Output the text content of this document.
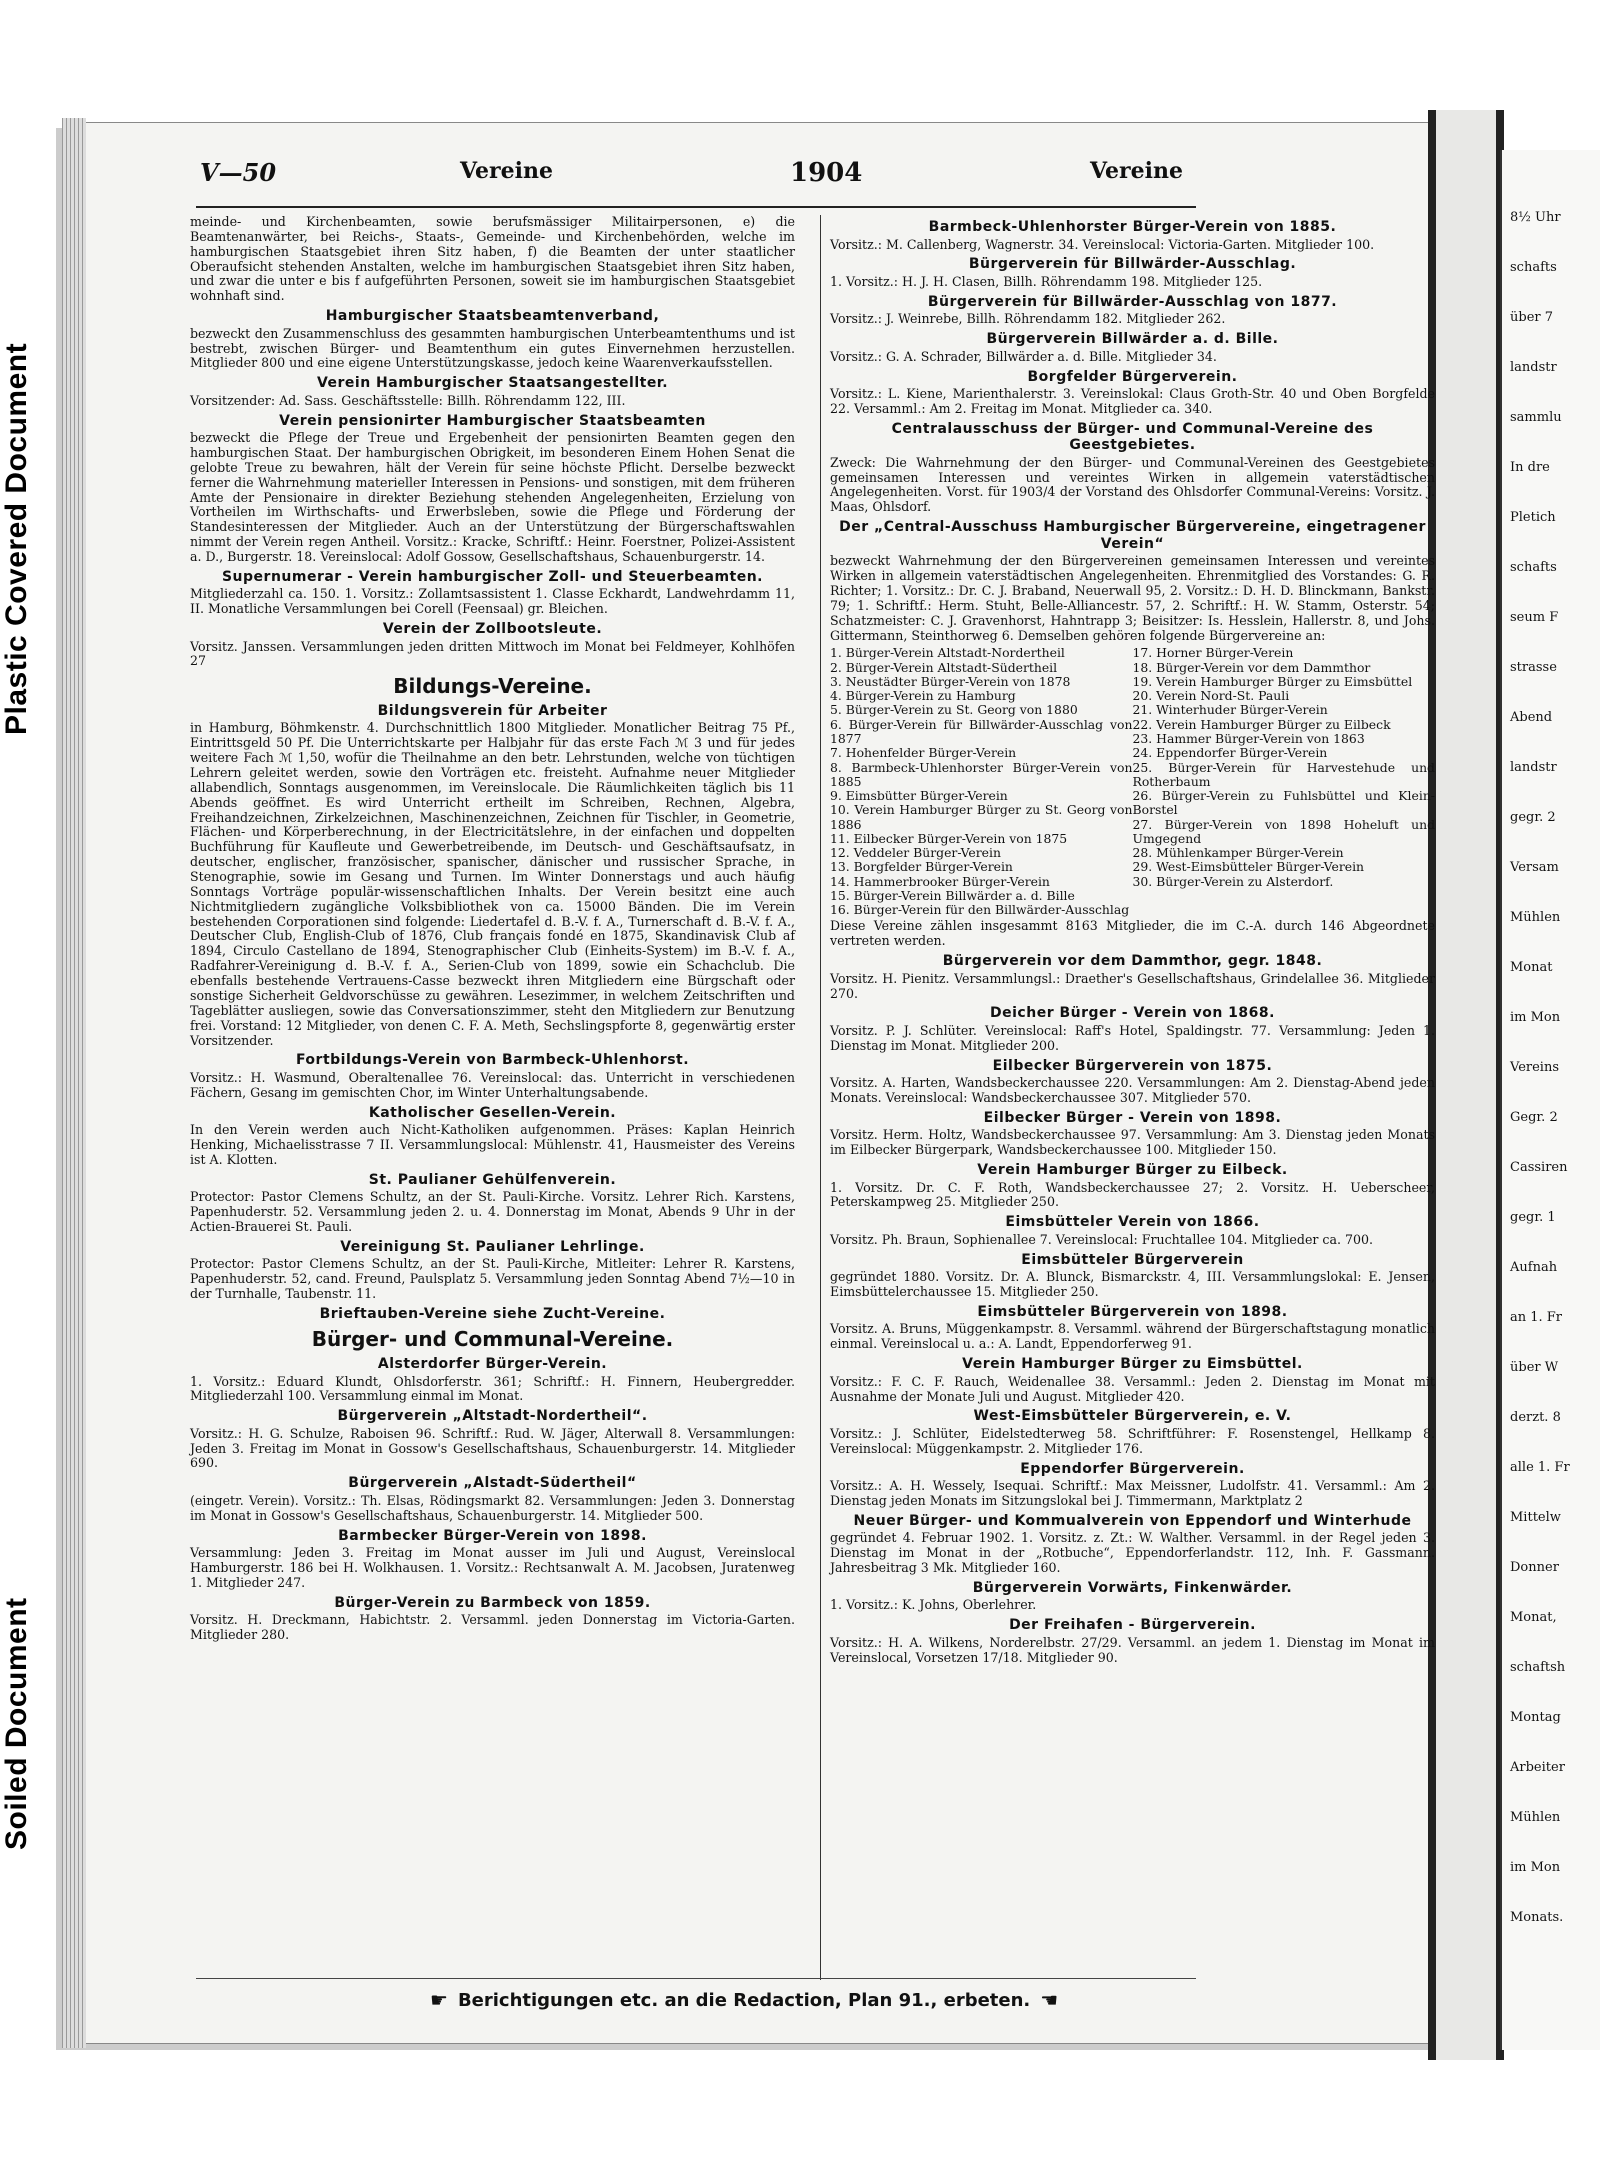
Plastic Covered Document
Soiled Document
8½ Uhr
schafts
über 7
landstr
sammlu
In dre
Pletich
schafts
seum F
strasse
Abend
landstr
gegr. 2
Versam
Mühlen
Monat
im Mon
Vereins
Gegr. 2
Cassiren
gegr. 1
Aufnah
an 1. Fr
über W
derzt. 8
alle 1. Fr
Mittelw
Donner
Monat,
schaftsh
Montag
Arbeiter
Mühlen
im Mon
Monats.
V—50	Vereine	1904	Vereine

meinde- und Kirchenbeamten, sowie berufsmässiger Militairpersonen, e) die Beamtenanwärter, bei Reichs-, Staats-, Gemeinde- und Kirchenbehörden, welche im hamburgischen Staatsgebiet ihren Sitz haben, f) die Beamten der unter staatlicher Oberaufsicht stehenden Anstalten, welche im hamburgischen Staatsgebiet ihren Sitz haben, und zwar die unter e bis f aufgeführten Personen, soweit sie im hamburgischen Staatsgebiet wohnhaft sind.

Hamburgischer Staatsbeamtenverband,

bezweckt den Zusammenschluss des gesammten hamburgischen Unterbeamtenthums und ist bestrebt, zwischen Bürger- und Beamtenthum ein gutes Einvernehmen herzustellen. Mitglieder 800 und eine eigene Unterstützungskasse, jedoch keine Waarenverkaufsstellen.

Verein Hamburgischer Staatsangestellter.

Vorsitzender: Ad. Sass. Geschäftsstelle: Billh. Röhrendamm 122, III.

Verein pensionirter Hamburgischer Staatsbeamten

bezweckt die Pflege der Treue und Ergebenheit der pensionirten Beamten gegen den hamburgischen Staat. Der hamburgischen Obrigkeit, im besonderen Einem Hohen Senat die gelobte Treue zu bewahren, hält der Verein für seine höchste Pflicht. Derselbe bezweckt ferner die Wahrnehmung materieller Interessen in Pensions- und sonstigen, mit dem früheren Amte der Pensionaire in direkter Beziehung stehenden Angelegenheiten, Erzielung von Vortheilen im Wirthschafts- und Erwerbsleben, sowie die Pflege und Förderung der Standesinteressen der Mitglieder. Auch an der Unterstützung der Bürgerschaftswahlen nimmt der Verein regen Antheil. Vorsitz.: Kracke, Schriftf.: Heinr. Foerstner, Polizei-Assistent a. D., Burgerstr. 18. Vereinslocal: Adolf Gossow, Gesellschaftshaus, Schauenburgerstr. 14.

Supernumerar - Verein hamburgischer Zoll- und Steuerbeamten.

Mitgliederzahl ca. 150. 1. Vorsitz.: Zollamtsassistent 1. Classe Eckhardt, Landwehrdamm 11, II. Monatliche Versammlungen bei Corell (Feensaal) gr. Bleichen.

Verein der Zollbootsleute.

Vorsitz. Janssen. Versammlungen jeden dritten Mittwoch im Monat bei Feldmeyer, Kohlhöfen 27

Bildungs-Vereine.
Bildungsverein für Arbeiter

in Hamburg, Böhmkenstr. 4. Durchschnittlich 1800 Mitglieder. Monatlicher Beitrag 75 Pf., Eintrittsgeld 50 Pf. Die Unterrichtskarte per Halbjahr für das erste Fach ℳ 3 und für jedes weitere Fach ℳ 1,50, wofür die Theilnahme an den betr. Lehrstunden, welche von tüchtigen Lehrern geleitet werden, sowie den Vorträgen etc. freisteht. Aufnahme neuer Mitglieder allabendlich, Sonntags ausgenommen, im Vereinslocale. Die Räumlichkeiten täglich bis 11 Abends geöffnet. Es wird Unterricht ertheilt im Schreiben, Rechnen, Algebra, Freihandzeichnen, Zirkelzeichnen, Maschinenzeichnen, Zeichnen für Tischler, in Geometrie, Flächen- und Körperberechnung, in der Electricitätslehre, in der einfachen und doppelten Buchführung für Kaufleute und Gewerbetreibende, im Deutsch- und Geschäftsaufsatz, in deutscher, englischer, französischer, spanischer, dänischer und russischer Sprache, in Stenographie, sowie im Gesang und Turnen. Im Winter Donnerstags und auch häufig Sonntags Vorträge populär-wissenschaftlichen Inhalts. Der Verein besitzt eine auch Nichtmitgliedern zugängliche Volksbibliothek von ca. 15000 Bänden. Die im Verein bestehenden Corporationen sind folgende: Liedertafel d. B.-V. f. A., Turnerschaft d. B.-V. f. A., Deutscher Club, English-Club of 1876, Club français fondé en 1875, Skandinavisk Club af 1894, Circulo Castellano de 1894, Stenographischer Club (Einheits-System) im B.-V. f. A., Radfahrer-Vereinigung d. B.-V. f. A., Serien-Club von 1899, sowie ein Schachclub. Die ebenfalls bestehende Vertrauens-Casse bezweckt ihren Mitgliedern eine Bürgschaft oder sonstige Sicherheit Geldvorschüsse zu gewähren. Lesezimmer, in welchem Zeitschriften und Tageblätter ausliegen, sowie das Conversationszimmer, steht den Mitgliedern zur Benutzung frei. Vorstand: 12 Mitglieder, von denen C. F. A. Meth, Sechslingspforte 8, gegenwärtig erster Vorsitzender.

Fortbildungs-Verein von Barmbeck-Uhlenhorst.

Vorsitz.: H. Wasmund, Oberaltenallee 76. Vereinslocal: das. Unterricht in verschiedenen Fächern, Gesang im gemischten Chor, im Winter Unterhaltungsabende.

Katholischer Gesellen-Verein.

In den Verein werden auch Nicht-Katholiken aufgenommen. Präses: Kaplan Heinrich Henking, Michaelisstrasse 7 II. Versammlungslocal: Mühlenstr. 41, Hausmeister des Vereins ist A. Klotten.

St. Paulianer Gehülfenverein.

Protector: Pastor Clemens Schultz, an der St. Pauli-Kirche. Vorsitz. Lehrer Rich. Karstens, Papenhuderstr. 52. Versammlung jeden 2. u. 4. Donnerstag im Monat, Abends 9 Uhr in der Actien-Brauerei St. Pauli.

Vereinigung St. Paulianer Lehrlinge.

Protector: Pastor Clemens Schultz, an der St. Pauli-Kirche, Mitleiter: Lehrer R. Karstens, Papenhuderstr. 52, cand. Freund, Paulsplatz 5. Versammlung jeden Sonntag Abend 7½—10 in der Turnhalle, Taubenstr. 11.

Brieftauben-Vereine siehe Zucht-Vereine.
Bürger- und Communal-Vereine.
Alsterdorfer Bürger-Verein.

1. Vorsitz.: Eduard Klundt, Ohlsdorferstr. 361; Schriftf.: H. Finnern, Heubergredder. Mitgliederzahl 100. Versammlung einmal im Monat.

Bürgerverein „Altstadt-Nordertheil“.

Vorsitz.: H. G. Schulze, Raboisen 96. Schriftf.: Rud. W. Jäger, Alterwall 8. Versammlungen: Jeden 3. Freitag im Monat in Gossow's Gesellschaftshaus, Schauenburgerstr. 14. Mitglieder 690.

Bürgerverein „Alstadt-Südertheil“

(eingetr. Verein). Vorsitz.: Th. Elsas, Rödingsmarkt 82. Versammlungen: Jeden 3. Donnerstag im Monat in Gossow's Gesellschaftshaus, Schauenburgerstr. 14. Mitglieder 500.

Barmbecker Bürger-Verein von 1898.

Versammlung: Jeden 3. Freitag im Monat ausser im Juli und August, Vereinslocal Hamburgerstr. 186 bei H. Wolkhausen. 1. Vorsitz.: Rechtsanwalt A. M. Jacobsen, Juratenweg 1. Mitglieder 247.

Bürger-Verein zu Barmbeck von 1859.

Vorsitz. H. Dreckmann, Habichtstr. 2. Versamml. jeden Donnerstag im Victoria-Garten. Mitglieder 280.

Barmbeck-Uhlenhorster Bürger-Verein von 1885.

Vorsitz.: M. Callenberg, Wagnerstr. 34. Vereinslocal: Victoria-Garten. Mitglieder 100.

Bürgerverein für Billwärder-Ausschlag.

1. Vorsitz.: H. J. H. Clasen, Billh. Röhrendamm 198. Mitglieder 125.

Bürgerverein für Billwärder-Ausschlag von 1877.

Vorsitz.: J. Weinrebe, Billh. Röhrendamm 182. Mitglieder 262.

Bürgerverein Billwärder a. d. Bille.

Vorsitz.: G. A. Schrader, Billwärder a. d. Bille. Mitglieder 34.

Borgfelder Bürgerverein.

Vorsitz.: L. Kiene, Marienthalerstr. 3. Vereinslokal: Claus Groth-Str. 40 und Oben Borgfelde 22. Versamml.: Am 2. Freitag im Monat. Mitglieder ca. 340.

Centralausschuss der Bürger- und Communal-Vereine des Geestgebietes.

Zweck: Die Wahrnehmung der den Bürger- und Communal-Vereinen des Geestgebietes gemeinsamen Interessen und vereintes Wirken in allgemein vaterstädtischen Angelegenheiten. Vorst. für 1903/4 der Vorstand des Ohlsdorfer Communal-Vereins: Vorsitz. J. Maas, Ohlsdorf.

Der „Central-Ausschuss Hamburgischer Bürgervereine, eingetragener Verein“

bezweckt Wahrnehmung der den Bürgervereinen gemeinsamen Interessen und vereintes Wirken in allgemein vaterstädtischen Angelegenheiten. Ehrenmitglied des Vorstandes: G. R. Richter; 1. Vorsitz.: Dr. C. J. Braband, Neuerwall 95, 2. Vorsitz.: D. H. D. Blinckmann, Bankstr. 79; 1. Schriftf.: Herm. Stuht, Belle-Alliancestr. 57, 2. Schriftf.: H. W. Stamm, Osterstr. 54; Schatzmeister: C. J. Gravenhorst, Hahntrapp 3; Beisitzer: Is. Hesslein, Hallerstr. 8, und Johs. Gittermann, Steinthorweg 6. Demselben gehören folgende Bürgervereine an:

1. Bürger-Verein Altstadt-Nordertheil
2. Bürger-Verein Altstadt-Südertheil
3. Neustädter Bürger-Verein von 1878
4. Bürger-Verein zu Hamburg
5. Bürger-Verein zu St. Georg von 1880
6. Bürger-Verein für Billwärder-Ausschlag von 1877
7. Hohenfelder Bürger-Verein
8. Barmbeck-Uhlenhorster Bürger-Verein von 1885
9. Eimsbütter Bürger-Verein
10. Verein Hamburger Bürger zu St. Georg von 1886
11. Eilbecker Bürger-Verein von 1875
12. Veddeler Bürger-Verein
13. Borgfelder Bürger-Verein
14. Hammerbrooker Bürger-Verein
15. Bürger-Verein Billwärder a. d. Bille
16. Bürger-Verein für den Billwärder-Ausschlag
17. Horner Bürger-Verein
18. Bürger-Verein vor dem Dammthor
19. Verein Hamburger Bürger zu Eimsbüttel
20. Verein Nord-St. Pauli
21. Winterhuder Bürger-Verein
22. Verein Hamburger Bürger zu Eilbeck
23. Hammer Bürger-Verein von 1863
24. Eppendorfer Bürger-Verein
25. Bürger-Verein für Harvestehude und Rotherbaum
26. Bürger-Verein zu Fuhlsbüttel und Klein-Borstel
27. Bürger-Verein von 1898 Hoheluft und Umgegend
28. Mühlenkamper Bürger-Verein
29. West-Eimsbütteler Bürger-Verein
30. Bürger-Verein zu Alsterdorf.

Diese Vereine zählen insgesammt 8163 Mitglieder, die im C.-A. durch 146 Abgeordnete vertreten werden.

Bürgerverein vor dem Dammthor, gegr. 1848.

Vorsitz. H. Pienitz. Versammlungsl.: Draether's Gesellschaftshaus, Grindelallee 36. Mitglieder 270.

Deicher Bürger - Verein von 1868.

Vorsitz. P. J. Schlüter. Vereinslocal: Raff's Hotel, Spaldingstr. 77. Versammlung: Jeden 1. Dienstag im Monat. Mitglieder 200.

Eilbecker Bürgerverein von 1875.

Vorsitz. A. Harten, Wandsbeckerchaussee 220. Versammlungen: Am 2. Dienstag-Abend jeden Monats. Vereinslocal: Wandsbeckerchaussee 307. Mitglieder 570.

Eilbecker Bürger - Verein von 1898.

Vorsitz. Herm. Holtz, Wandsbeckerchaussee 97. Versammlung: Am 3. Dienstag jeden Monats im Eilbecker Bürgerpark, Wandsbeckerchaussee 100. Mitglieder 150.

Verein Hamburger Bürger zu Eilbeck.

1. Vorsitz. Dr. C. F. Roth, Wandsbeckerchaussee 27; 2. Vorsitz. H. Ueberscheer, Peterskampweg 25. Mitglieder 250.

Eimsbütteler Verein von 1866.

Vorsitz. Ph. Braun, Sophienallee 7. Vereinslocal: Fruchtallee 104. Mitglieder ca. 700.

Eimsbütteler Bürgerverein

gegründet 1880. Vorsitz. Dr. A. Blunck, Bismarckstr. 4, III. Versammlungslokal: E. Jensen, Eimsbüttelerchaussee 15. Mitglieder 250.

Eimsbütteler Bürgerverein von 1898.

Vorsitz. A. Bruns, Müggenkampstr. 8. Versamml. während der Bürgerschaftstagung monatlich einmal. Vereinslocal u. a.: A. Landt, Eppendorferweg 91.

Verein Hamburger Bürger zu Eimsbüttel.

Vorsitz.: F. C. F. Rauch, Weidenallee 38. Versamml.: Jeden 2. Dienstag im Monat mit Ausnahme der Monate Juli und August. Mitglieder 420.

West-Eimsbütteler Bürgerverein, e. V.

Vorsitz.: J. Schlüter, Eidelstedterweg 58. Schriftführer: F. Rosenstengel, Hellkamp 8. Vereinslocal: Müggenkampstr. 2. Mitglieder 176.

Eppendorfer Bürgerverein.

Vorsitz.: A. H. Wessely, Isequai. Schriftf.: Max Meissner, Ludolfstr. 41. Versamml.: Am 2. Dienstag jeden Monats im Sitzungslokal bei J. Timmermann, Marktplatz 2

Neuer Bürger- und Kommualverein von Eppendorf und Winterhude

gegründet 4. Februar 1902. 1. Vorsitz. z. Zt.: W. Walther. Versamml. in der Regel jeden 3. Dienstag im Monat in der „Rotbuche“, Eppendorferlandstr. 112, Inh. F. Gassmann. Jahresbeitrag 3 Mk. Mitglieder 160.

Bürgerverein Vorwärts, Finkenwärder.

1. Vorsitz.: K. Johns, Oberlehrer.

Der Freihafen - Bürgerverein.

Vorsitz.: H. A. Wilkens, Norderelbstr. 27/29. Versamml. an jedem 1. Dienstag im Monat im Vereinslocal, Vorsetzen 17/18. Mitglieder 90.

☛ Berichtigungen etc. an die Redaction, Plan 91., erbeten. ☚
